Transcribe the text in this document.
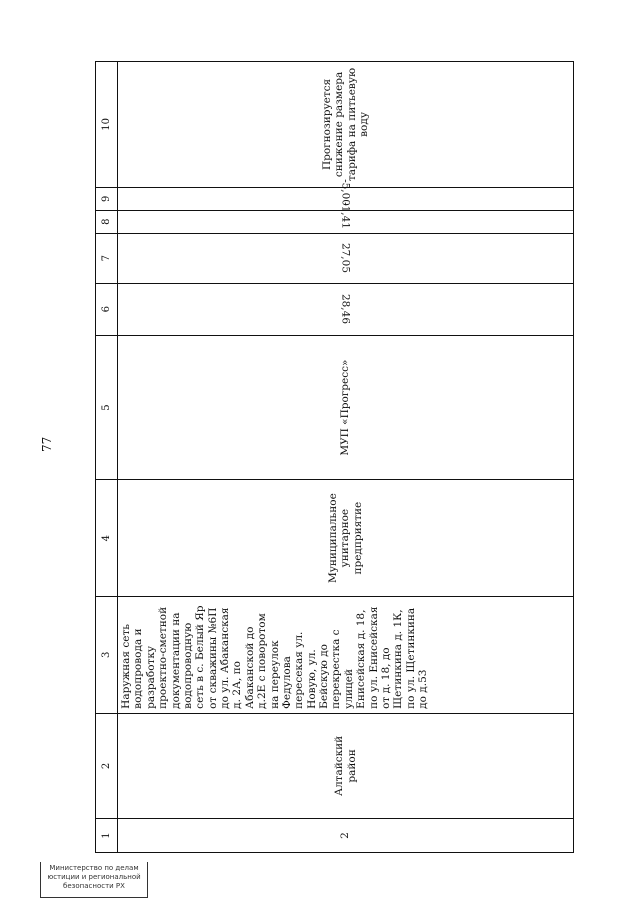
77
1	2	3	4	5	6	7	8	9	10
2	Алтайский район	Наружная сеть водопровода и разработку проектно-сметной документации на водопроводную сеть в с. Белый Яр от скважины №6П до ул. Абаканская д. 2А, по Абаканской до д.2Е с поворотом на переулок Федулова пересекая ул. Новую, ул. Бейскую до перекрестка с улицей Енисейская д. 18, по ул. Енисейская от д. 18, до Щетинкина д. 1К, по ул. Щетинкина до д.53	Муниципальное унитарное предприятие	МУП «Прогресс»	28,46	27,05	-1,41	-5,00	Прогнозируется снижение размера тарифа на питьевую воду
Министерство по делам
юстиции и региональной
безопасности РХ
